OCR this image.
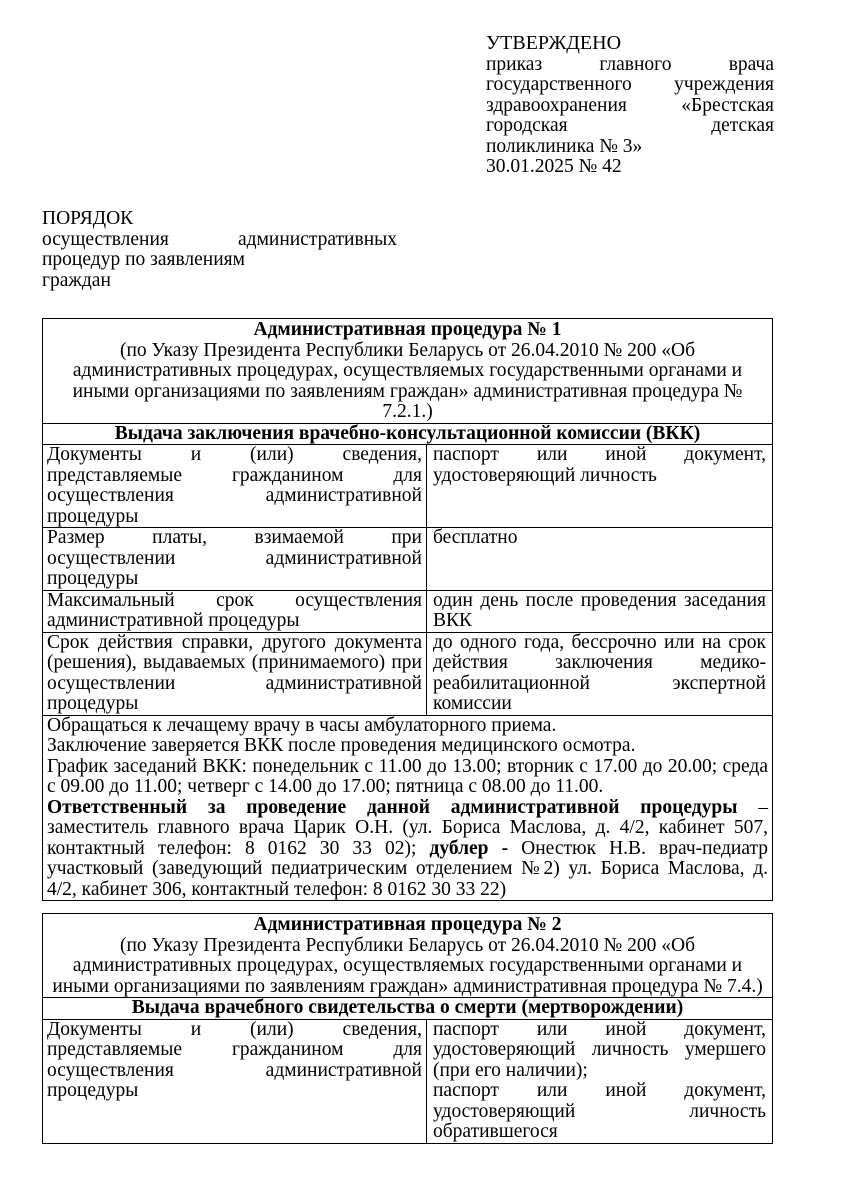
УТВЕРЖДЕНО
приказ главного врача
государственного учреждения
здравоохранения «Брестская
городская детская
поликлиника № 3»
30.01.2025 № 42
ПОРЯДОК
осуществления административных
процедур по заявлениям
граждан
Административная процедура № 1
(по Указу Президента Республики Беларусь от 26.04.2010 № 200 «Об административных процедурах, осуществляемых государственными органами и иными организациями по заявлениям граждан» административная процедура № 7.2.1.)
Выдача заключения врачебно-консультационной комиссии (ВКК)
Документы и (или) сведения, представляемые гражданином для осуществления административной процедуры
паспорт или иной документ, удостоверяющий личность
Размер платы, взимаемой при осуществлении административной процедуры
бесплатно
Максимальный срок осуществления административной процедуры
один день после проведения заседания ВКК
Срок действия справки, другого документа (решения), выдаваемых (принимаемого) при осуществлении административной процедуры
до одного года, бессрочно или на срок действия заключения медико-реабилитационной экспертной комиссии
Обращаться к лечащему врачу в часы амбулаторного приема.
Заключение заверяется ВКК после проведения медицинского осмотра.
График заседаний ВКК: понедельник с 11.00 до 13.00; вторник с 17.00 до 20.00; среда с 09.00 до 11.00; четверг с 14.00 до 17.00; пятница с 08.00 до 11.00.
Ответственный за проведение данной административной процедуры – заместитель главного врача Царик О.Н. (ул. Бориса Маслова, д. 4/2, кабинет 507, контактный телефон: 8 0162 30 33 02); дублер - Онестюк Н.В. врач-педиатр участковый (заведующий педиатрическим отделением №2) ул. Бориса Маслова, д. 4/2, кабинет 306, контактный телефон: 8 0162 30 33 22)
Административная процедура № 2
(по Указу Президента Республики Беларусь от 26.04.2010 № 200 «Об административных процедурах, осуществляемых государственными органами и иными организациями по заявлениям граждан» административная процедура № 7.4.)
Выдача врачебного свидетельства о смерти (мертворождении)
Документы и (или) сведения, представляемые гражданином для осуществления административной процедуры
паспорт или иной документ, удостоверяющий личность умершего (при его наличии);
паспорт или иной документ, удостоверяющий личность обратившегося
